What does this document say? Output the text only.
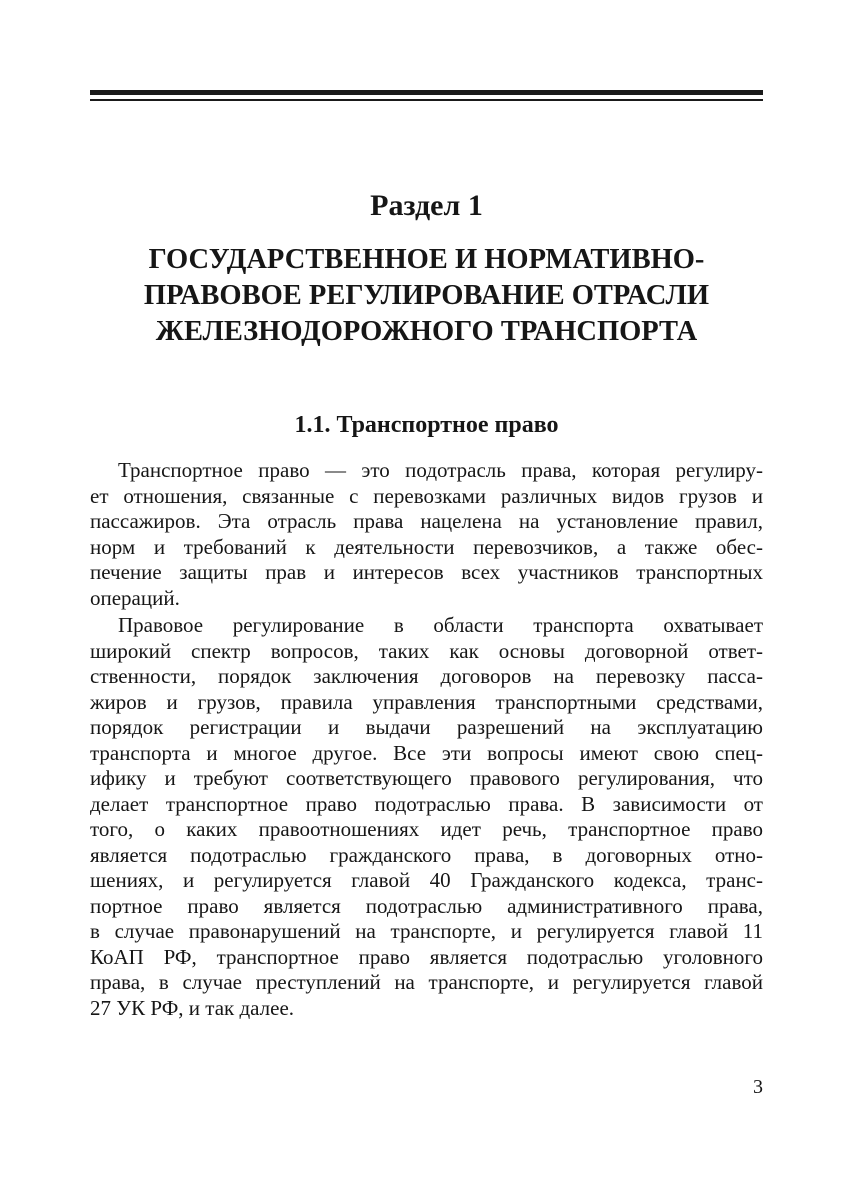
Раздел 1
ГОСУДАРСТВЕННОЕ И НОРМАТИВНО-
ПРАВОВОЕ РЕГУЛИРОВАНИЕ ОТРАСЛИ
ЖЕЛЕЗНОДОРОЖНОГО ТРАНСПОРТА
1.1. Транспортное право

Транспортное право — это подотрасль права, которая регулиру-
ет отношения, связанные с перевозками различных видов грузов и
пассажиров. Эта отрасль права нацелена на установление правил,
норм и требований к деятельности перевозчиков, а также обес-
печение защиты прав и интересов всех участников транспортных
операций.

Правовое регулирование в области транспорта охватывает
широкий спектр вопросов, таких как основы договорной ответ-
ственности, порядок заключения договоров на перевозку пасса-
жиров и грузов, правила управления транспортными средствами,
порядок регистрации и выдачи разрешений на эксплуатацию
транспорта и многое другое. Все эти вопросы имеют свою спец-
ифику и требуют соответствующего правового регулирования, что
делает транспортное право подотраслью права. В зависимости от
того, о каких правоотношениях идет речь, транспортное право
является подотраслью гражданского права, в договорных отно-
шениях, и регулируется главой 40 Гражданского кодекса, транс-
портное право является подотраслью административного права,
в случае правонарушений на транспорте, и регулируется главой 11
КоАП РФ, транспортное право является подотраслью уголовного
права, в случае преступлений на транспорте, и регулируется главой
27 УК РФ, и так далее.

3
